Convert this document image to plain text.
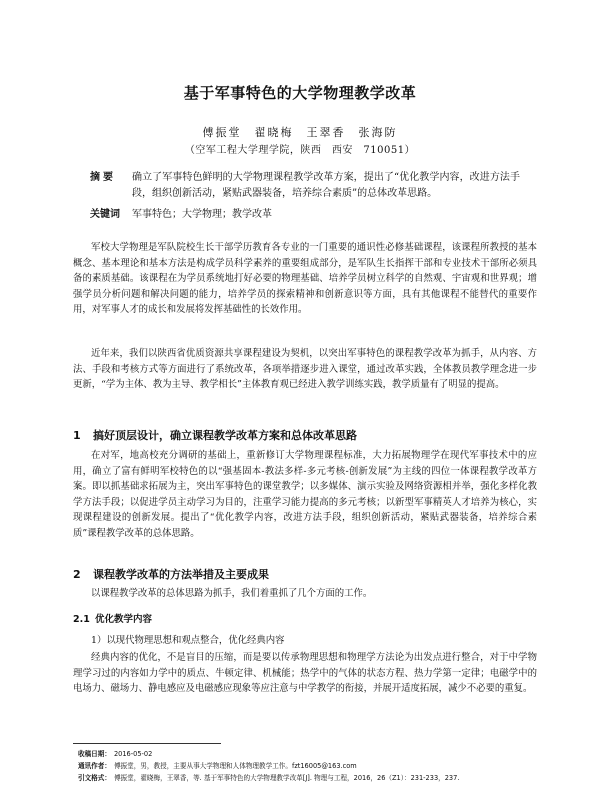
基于军事特色的大学物理教学改革
傅振堂　翟晓梅　王翠香　张海防
（空军工程大学理学院，陕西　西安　710051）
摘要	确立了军事特色鲜明的大学物理课程教学改革方案，提出了“优化教学内容，改进方法手段，组织创新活动，紧贴武器装备，培养综合素质”的总体改革思路。
关键词	军事特色；大学物理；教学改革

军校大学物理是军队院校生长干部学历教育各专业的一门重要的通识性必修基础课程，该课程所教授的基本概念、基本理论和基本方法是构成学员科学素养的重要组成部分，是军队生长指挥干部和专业技术干部所必须具备的素质基础。该课程在为学员系统地打好必要的物理基础、培养学员树立科学的自然观、宇宙观和世界观；增强学员分析问题和解决问题的能力，培养学员的探索精神和创新意识等方面，具有其他课程不能替代的重要作用，对军事人才的成长和发展将发挥基础性的长效作用。

近年来，我们以陕西省优质资源共享课程建设为契机，以突出军事特色的课程教学改革为抓手，从内容、方法、手段和考核方式等方面进行了系统改革，各项举措逐步进入课堂，通过改革实践，全体教员教学理念进一步更新，“学为主体、教为主导、教学相长”主体教育观已经进入教学训练实践，教学质量有了明显的提高。

1 搞好顶层设计，确立课程教学改革方案和总体改革思路

在对军，地高校充分调研的基础上，重新修订大学物理课程标准，大力拓展物理学在现代军事技术中的应用，确立了富有鲜明军校特色的以“强基固本-教法多样-多元考核-创新发展”为主线的四位一体课程教学改革方案。即以抓基础求拓展为主，突出军事特色的课堂教学；以多媒体、演示实验及网络资源相并举，强化多样化教学方法手段；以促进学员主动学习为目的，注重学习能力提高的多元考核；以新型军事精英人才培养为核心，实现课程建设的创新发展。提出了“优化教学内容，改进方法手段，组织创新活动，紧贴武器装备，培养综合素质”课程教学改革的总体思路。

2 课程教学改革的方法举措及主要成果

以课程教学改革的总体思路为抓手，我们着重抓了几个方面的工作。

2.1 优化教学内容
1）以现代物理思想和观点整合，优化经典内容

经典内容的优化，不是盲目的压缩，而是要以传承物理思想和物理学方法论为出发点进行整合，对于中学物理学习过的内容如力学中的质点、牛顿定律、机械能；热学中的气体的状态方程、热力学第一定律；电磁学中的电场力、磁场力、静电感应及电磁感应现象等应注意与中学教学的衔接，并展开适度拓展，减少不必要的重复。

收稿日期： 2016-05-02
通讯作者： 傅振堂，男，教授，主要从事大学物理和人体物理教学工作。fzt16005@163.com
引文格式： 傅振堂，翟晓梅，王翠香，等. 基于军事特色的大学物理教学改革[J]. 物理与工程，2016，26（Z1）：231-233，237.
